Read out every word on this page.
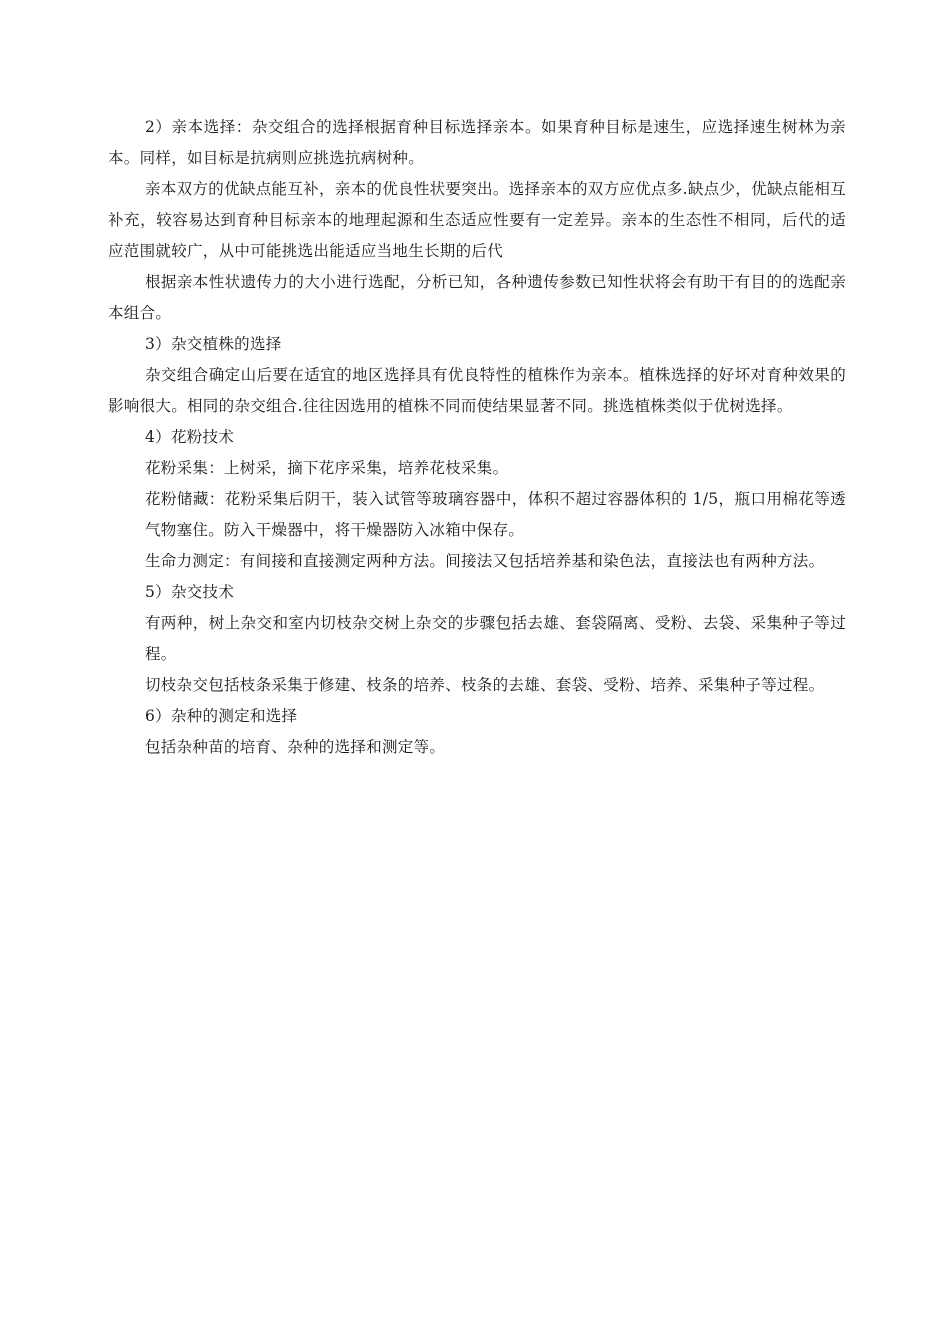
2）亲本选择：杂交组合的选择根据育种目标选择亲本。如果育种目标是速生，应选择速生树林为亲本。同样，如目标是抗病则应挑选抗病树种。

亲本双方的优缺点能互补，亲本的优良性状要突出。选择亲本的双方应优点多.缺点少，优缺点能相互补充，较容易达到育种目标亲本的地理起源和生态适应性要有一定差异。亲本的生态性不相同，后代的适应范围就较广，从中可能挑选出能适应当地生长期的后代

根据亲本性状遗传力的大小进行选配，分析已知，各种遗传参数已知性状将会有助干有目的的选配亲本组合。

3）杂交植株的选择

杂交组合确定山后要在适宜的地区选择具有优良特性的植株作为亲本。植株选择的好坏对育种效果的影响很大。相同的杂交组合.往往因选用的植株不同而使结果显著不同。挑选植株类似于优树选择。

4）花粉技术

花粉采集：上树采，摘下花序采集，培养花枝采集。

花粉储藏：花粉采集后阴干，装入试管等玻璃容器中，体积不超过容器体积的 1/5，瓶口用棉花等透气物塞住。防入干燥器中，将干燥器防入冰箱中保存。

生命力测定：有间接和直接测定两种方法。间接法又包括培养基和染色法，直接法也有两种方法。

5）杂交技术

有两种，树上杂交和室内切枝杂交树上杂交的步骤包括去雄、套袋隔离、受粉、去袋、采集种子等过程。

切枝杂交包括枝条采集于修建、枝条的培养、枝条的去雄、套袋、受粉、培养、采集种子等过程。

6）杂种的测定和选择

包括杂种苗的培育、杂种的选择和测定等。
